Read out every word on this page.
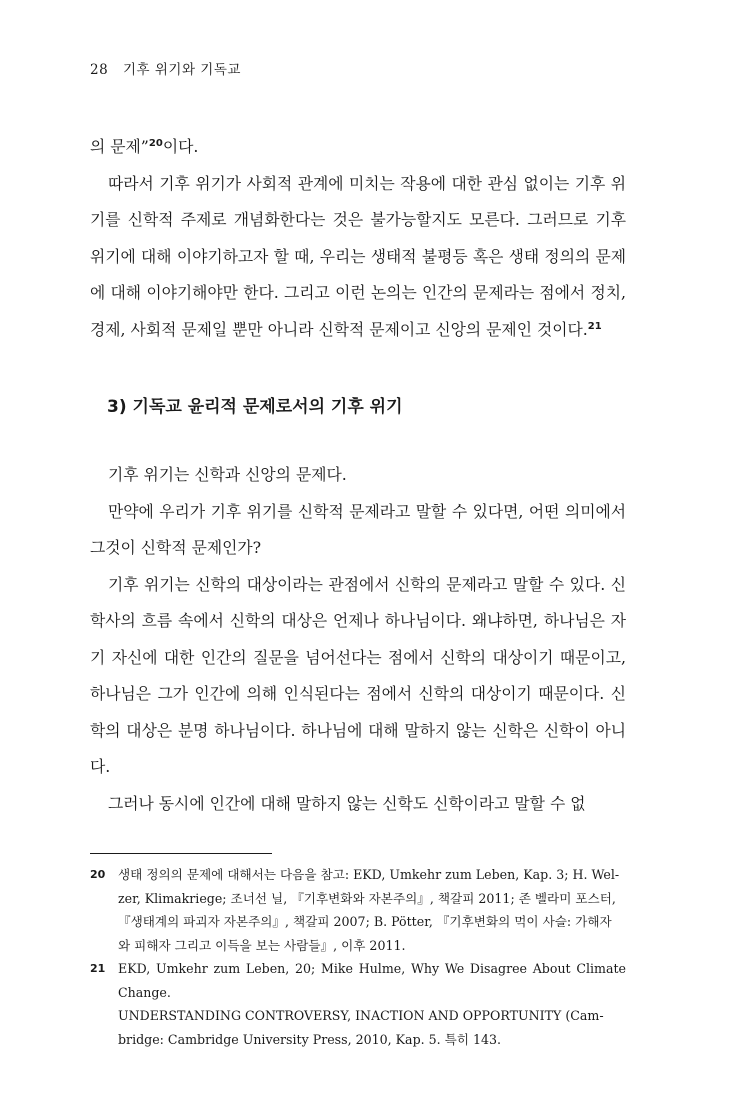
28 기후 위기와 기독교

의 문제”$^{20}$이다.

따라서 기후 위기가 사회적 관계에 미치는 작용에 대한 관심 없이는 기후 위기를 신학적 주제로 개념화한다는 것은 불가능할지도 모른다. 그러므로 기후 위기에 대해 이야기하고자 할 때, 우리는 생태적 불평등 혹은 생태 정의의 문제에 대해 이야기해야만 한다. 그리고 이런 논의는 인간의 문제라는 점에서 정치, 경제, 사회적 문제일 뿐만 아니라 신학적 문제이고 신앙의 문제인 것이다.$^{21}$

3) 기독교 윤리적 문제로서의 기후 위기

기후 위기는 신학과 신앙의 문제다.

만약에 우리가 기후 위기를 신학적 문제라고 말할 수 있다면, 어떤 의미에서 그것이 신학적 문제인가?

기후 위기는 신학의 대상이라는 관점에서 신학의 문제라고 말할 수 있다. 신학사의 흐름 속에서 신학의 대상은 언제나 하나님이다. 왜냐하면, 하나님은 자기 자신에 대한 인간의 질문을 넘어선다는 점에서 신학의 대상이기 때문이고, 하나님은 그가 인간에 의해 인식된다는 점에서 신학의 대상이기 때문이다. 신학의 대상은 분명 하나님이다. 하나님에 대해 말하지 않는 신학은 신학이 아니다.

그러나 동시에 인간에 대해 말하지 않는 신학도 신학이라고 말할 수 없

20	생태 정의의 문제에 대해서는 다음을 참고: EKD, Umkehr zum Leben, Kap. 3; H. Wel-
zer, Klimakriege; 조너선 닐, 『기후변화와 자본주의』, 책갈피 2011; 존 벨라미 포스터,
『생태계의 파괴자 자본주의』, 책갈피 2007; B. Pötter, 『기후변화의 먹이 사슬: 가해자
와 피해자 그리고 이득을 보는 사람들』, 이후 2011.
21	EKD, Umkehr zum Leben, 20; Mike Hulme, Why We Disagree About Climate Change.
UNDERSTANDING CONTROVERSY, INACTION AND OPPORTUNITY (Cam-
bridge: Cambridge University Press, 2010, Kap. 5. 특히 143.
